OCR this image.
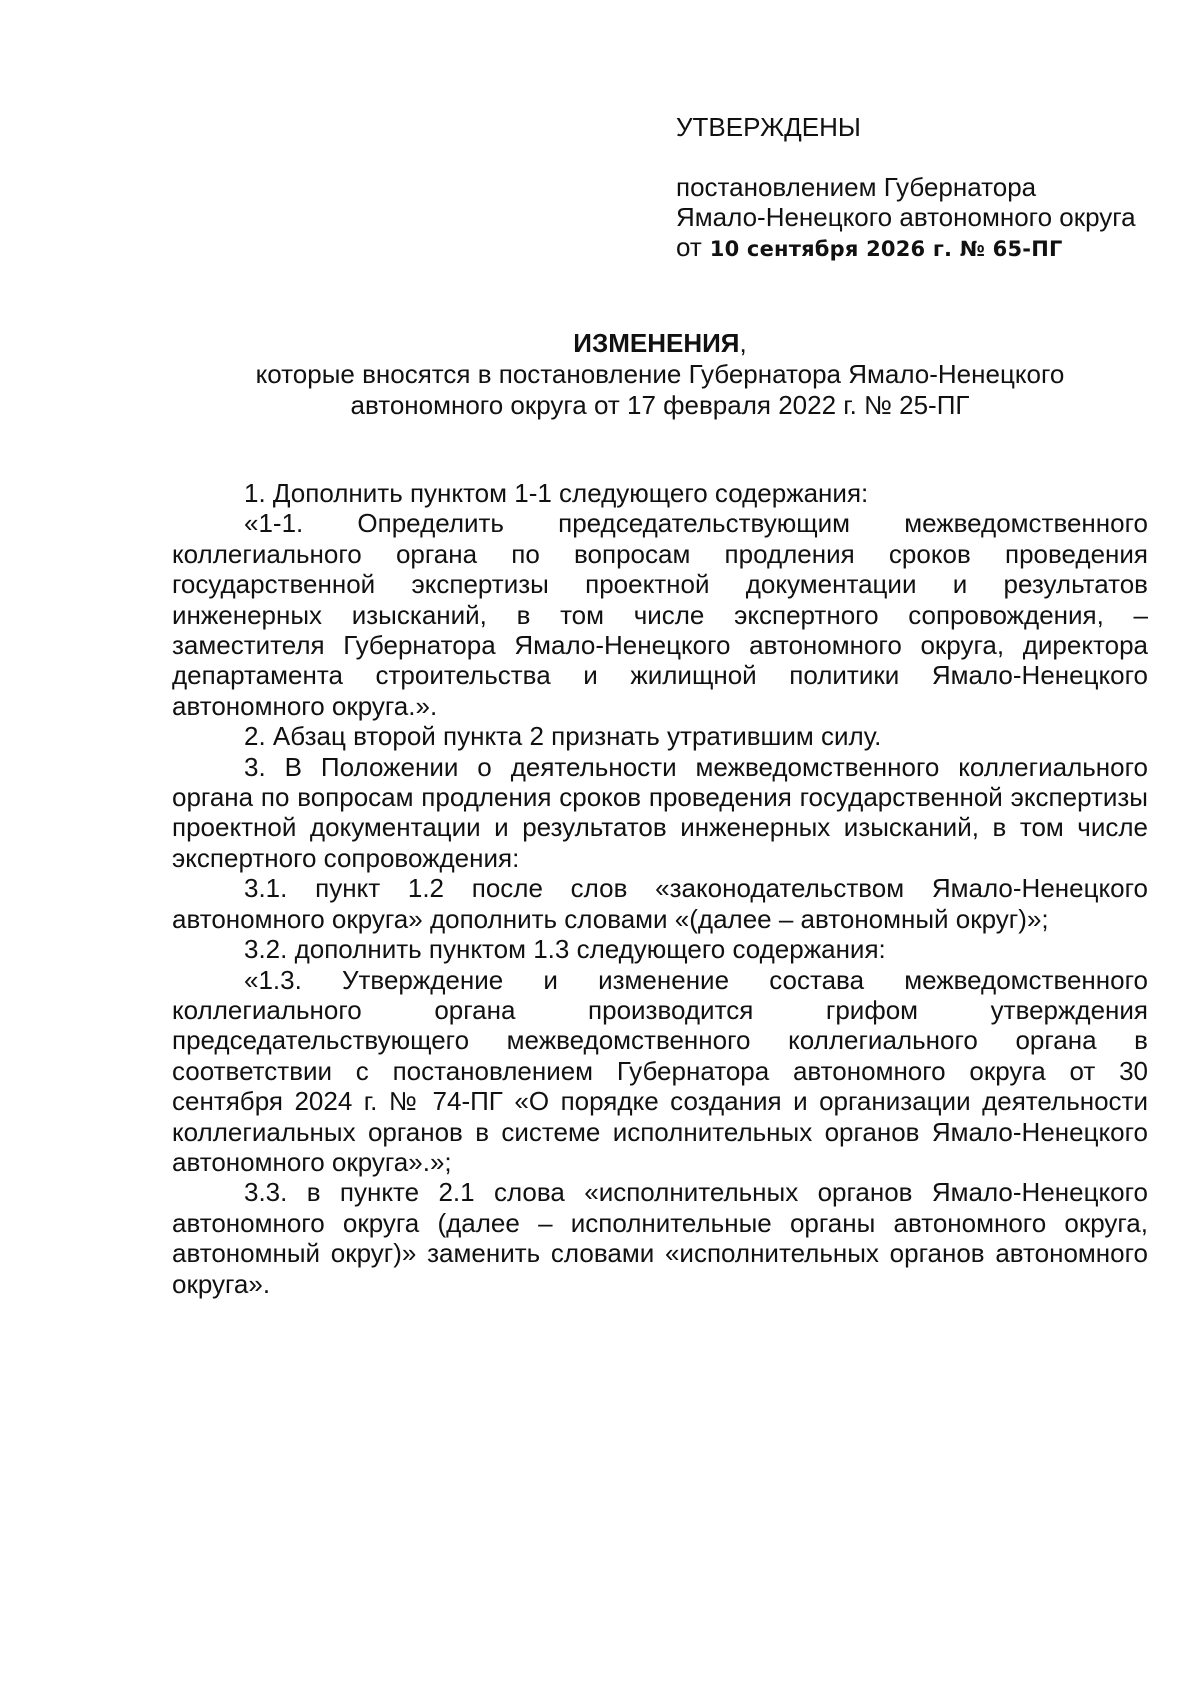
УТВЕРЖДЕНЫ
постановлением Губернатора
Ямало-Ненецкого автономного округа
от 10 сентября 2026 г. № 65-ПГ
ИЗМЕНЕНИЯ,
которые вносятся в постановление Губернатора Ямало-Ненецкого
автономного округа от 17 февраля 2022 г. № 25-ПГ

1. Дополнить пунктом 1-1 следующего содержания:

«1-1. Определить председательствующим межведомственного коллегиального органа по вопросам продления сроков проведения государственной экспертизы проектной документации и результатов инженерных изысканий, в том числе экспертного сопровождения, – заместителя Губернатора Ямало-Ненецкого автономного округа, директора департамента строительства и жилищной политики Ямало-Ненецкого автономного округа.».

2. Абзац второй пункта 2 признать утратившим силу.

3. В Положении о деятельности межведомственного коллегиального органа по вопросам продления сроков проведения государственной экспертизы проектной документации и результатов инженерных изысканий, в том числе экспертного сопровождения:

3.1. пункт 1.2 после слов «законодательством Ямало-Ненецкого автономного округа» дополнить словами «(далее – автономный округ)»;

3.2. дополнить пунктом 1.3 следующего содержания:

«1.3. Утверждение и изменение состава межведомственного коллегиального органа производится грифом утверждения председательствующего межведомственного коллегиального органа в соответствии с постановлением Губернатора автономного округа от 30 сентября 2024 г. № 74-ПГ «О порядке создания и организации деятельности коллегиальных органов в системе исполнительных органов Ямало-Ненецкого автономного округа».»;

3.3. в пункте 2.1 слова «исполнительных органов Ямало-Ненецкого автономного округа (далее – исполнительные органы автономного округа, автономный округ)» заменить словами «исполнительных органов автономного округа».
